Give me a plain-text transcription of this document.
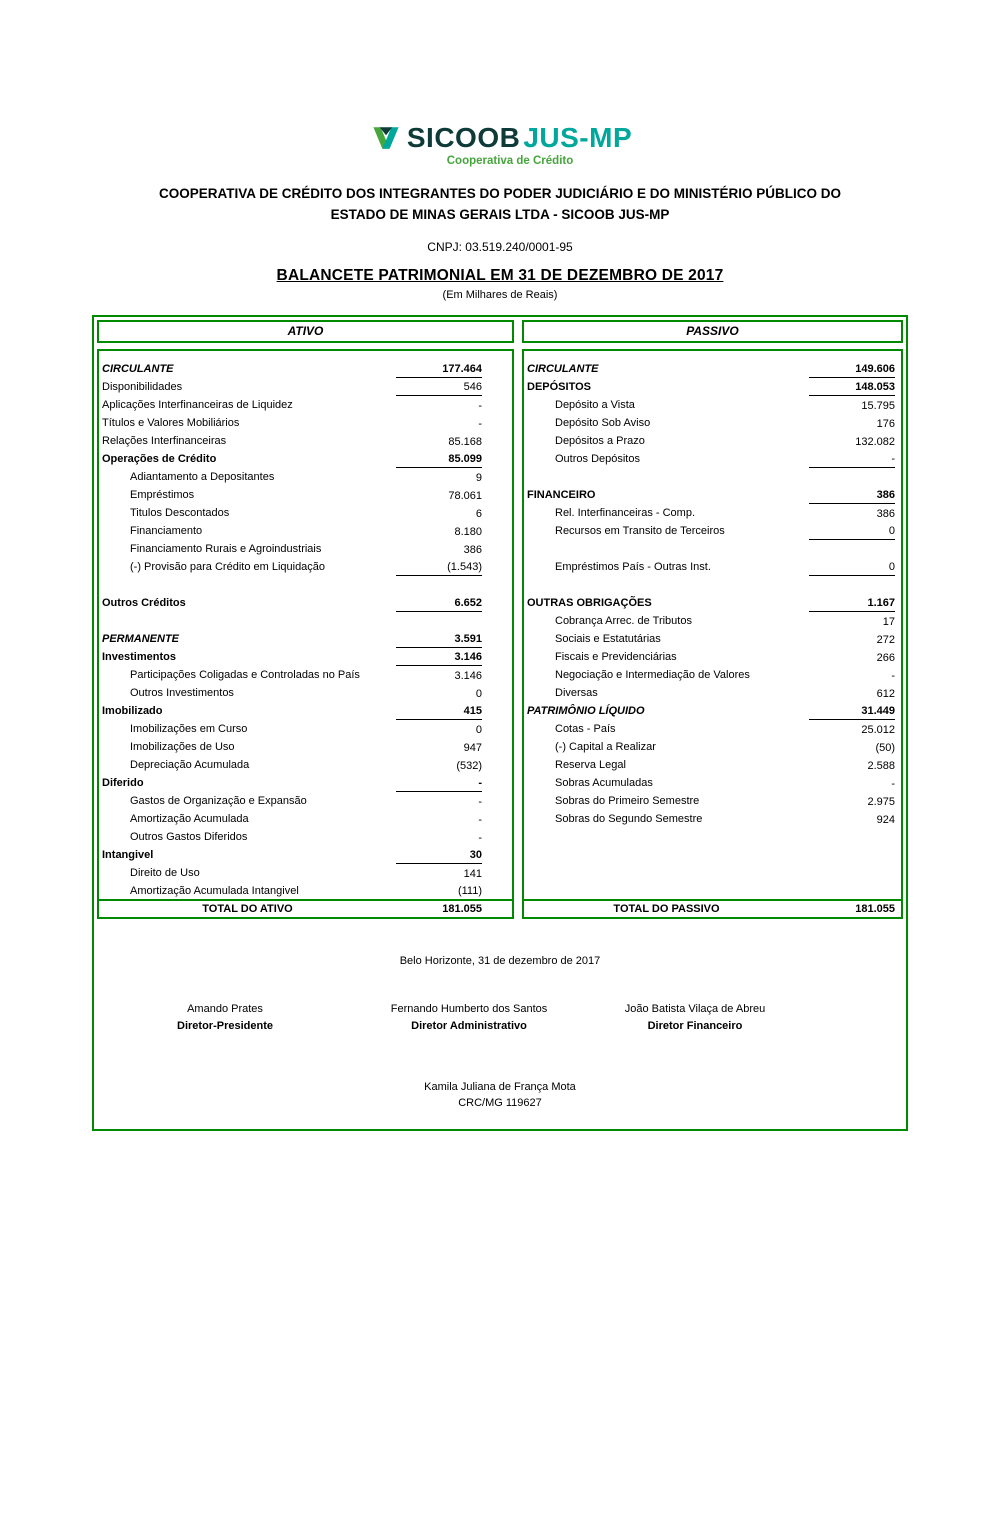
SICOOB JUS-MP
Cooperativa de Crédito
COOPERATIVA DE CRÉDITO DOS INTEGRANTES DO PODER JUDICIÁRIO E DO MINISTÉRIO PÚBLICO DO
ESTADO DE MINAS GERAIS LTDA - SICOOB JUS-MP
CNPJ: 03.519.240/0001-95
BALANCETE PATRIMONIAL EM 31 DE DEZEMBRO DE 2017
(Em Milhares de Reais)
ATIVO
CIRCULANTE	177.464
Disponibilidades	546
Aplicações Interfinanceiras de Liquidez	-
Títulos e Valores Mobiliários	-
Relações Interfinanceiras	85.168
Operações de Crédito	85.099
Adiantamento a Depositantes	9
Empréstimos	78.061
Titulos Descontados	6
Financiamento	8.180
Financiamento Rurais e Agroindustriais	386
(-) Provisão para Crédito em Liquidação	(1.543)
Outros Créditos	6.652
PERMANENTE	3.591
Investimentos	3.146
Participações Coligadas e Controladas no País	3.146
Outros Investimentos	0
Imobilizado	415
Imobilizações em Curso	0
Imobilizações de Uso	947
Depreciação Acumulada	(532)
Diferido	-
Gastos de Organização e Expansão	-
Amortização Acumulada	-
Outros Gastos Diferidos	-
Intangivel	30
Direito de Uso	141
Amortização Acumulada Intangivel	(111)
TOTAL DO ATIVO	181.055
PASSIVO
CIRCULANTE	149.606
DEPÓSITOS	148.053
Depósito a Vista	15.795
Depósito Sob Aviso	176
Depósitos a Prazo	132.082
Outros Depósitos	-
FINANCEIRO	386
Rel. Interfinanceiras - Comp.	386
Recursos em Transito de Terceiros	0
Empréstimos País - Outras Inst.	0
OUTRAS OBRIGAÇÕES	1.167
Cobrança Arrec. de Tributos	17
Sociais e Estatutárias	272
Fiscais e Previdenciárias	266
Negociação e Intermediação de Valores	-
Diversas	612
PATRIMÔNIO LÍQUIDO	31.449
Cotas - País	25.012
(-) Capital a Realizar	(50)
Reserva Legal	2.588
Sobras Acumuladas	-
Sobras do Primeiro Semestre	2.975
Sobras do Segundo Semestre	924
TOTAL DO PASSIVO	181.055
Belo Horizonte, 31 de dezembro de 2017
Amando Prates
Diretor-Presidente
Fernando Humberto dos Santos
Diretor Administrativo
João Batista Vilaça de Abreu
Diretor Financeiro
Kamila Juliana de França Mota
CRC/MG 119627
